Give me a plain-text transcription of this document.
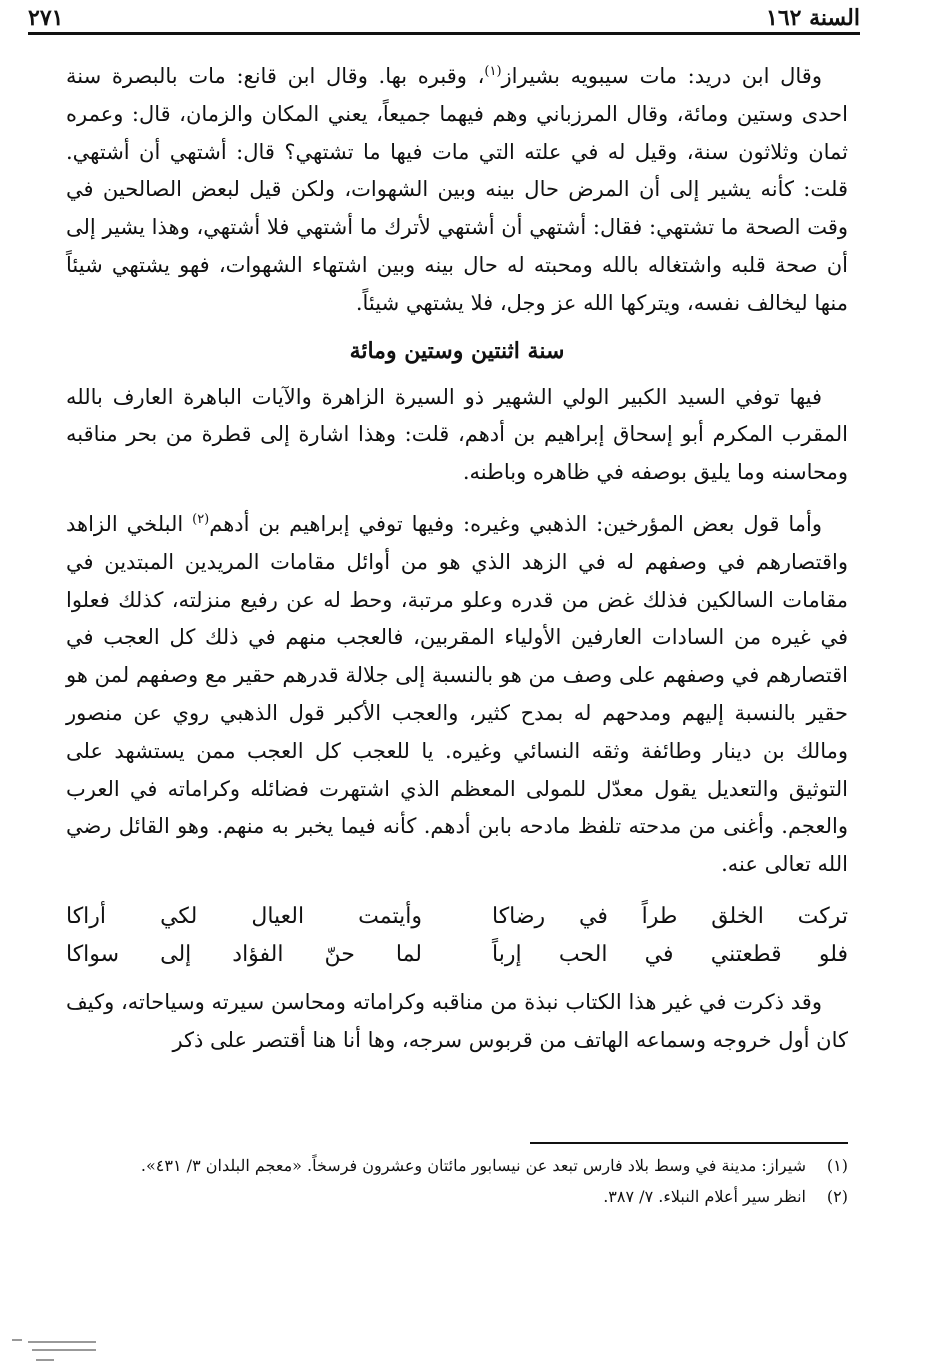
السنة ١٦٢
٢٧١

وقال ابن دريد: مات سيبويه بشيراز$^{(١)}$، وقبره بها. وقال ابن قانع: مات بالبصرة سنة احدى وستين ومائة، وقال المرزباني وهم فيهما جميعاً، يعني المكان والزمان، قال: وعمره ثمان وثلاثون سنة، وقيل له في علته التي مات فيها ما تشتهي؟ قال: أشتهي أن أشتهي. قلت: كأنه يشير إلى أن المرض حال بينه وبين الشهوات، ولكن قيل لبعض الصالحين في وقت الصحة ما تشتهي: فقال: أشتهي أن أشتهي لأترك ما أشتهي فلا أشتهي، وهذا يشير إلى أن صحة قلبه واشتغاله بالله ومحبته له حال بينه وبين اشتهاء الشهوات، فهو يشتهي شيئاً منها ليخالف نفسه، ويتركها الله عز وجل، فلا يشتهي شيئاً.

سنة اثنتين وستين ومائة

فيها توفي السيد الكبير الولي الشهير ذو السيرة الزاهرة والآيات الباهرة العارف بالله المقرب المكرم أبو إسحاق إبراهيم بن أدهم، قلت: وهذا اشارة إلى قطرة من بحر مناقبه ومحاسنه وما يليق بوصفه في ظاهره وباطنه.

وأما قول بعض المؤرخين: الذهبي وغيره: وفيها توفي إبراهيم بن أدهم$^{(٢)}$ البلخي الزاهد واقتصارهم في وصفهم له في الزهد الذي هو من أوائل مقامات المريدين المبتدين في مقامات السالكين فذلك غض من قدره وعلو مرتبة، وحط له عن رفيع منزلته، كذلك فعلوا في غيره من السادات العارفين الأولياء المقربين، فالعجب منهم في ذلك كل العجب في اقتصارهم في وصفهم على وصف من هو بالنسبة إلى جلالة قدرهم حقير مع وصفهم لمن هو حقير بالنسبة إليهم ومدحهم له بمدح كثير، والعجب الأكبر قول الذهبي روي عن منصور ومالك بن دينار وطائفة وثقه النسائي وغيره. يا للعجب كل العجب ممن يستشهد على التوثيق والتعديل يقول معدّل للمولى المعظم الذي اشتهرت فضائله وكراماته في العرب والعجم. وأغنى من مدحته تلفظ مادحه بابن أدهم. كأنه فيما يخبر به منهم. وهو القائل رضي الله تعالى عنه.

تركت الخلق طراً في رضاكا
وأيتمت العيال لكي أراكا
فلو قطعتني في الحب إرباً
لما حنّ الفؤاد إلى سواكا

وقد ذكرت في غير هذا الكتاب نبذة من مناقبه وكراماته ومحاسن سيرته وسياحاته، وكيف كان أول خروجه وسماعه الهاتف من قربوس سرجه، وها أنا هنا أقتصر على ذكر

(١)
شيراز: مدينة في وسط بلاد فارس تبعد عن نيسابور مائتان وعشرون فرسخاً. «معجم البلدان ٣/ ٤٣١».
(٢)
انظر سير أعلام النبلاء. ٧/ ٣٨٧.
